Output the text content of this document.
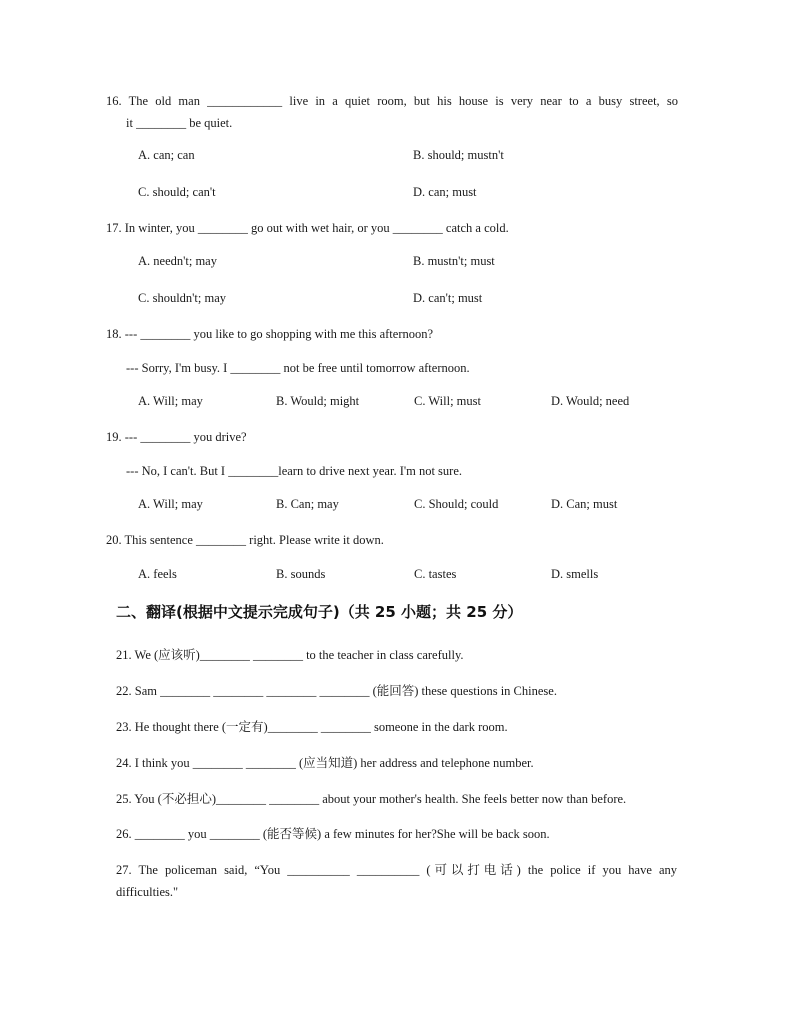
16. The old man ____________ live in a quiet room, but his house is very near to a busy street, so
it ________ be quiet.
A. can; can	B. should; mustn't
C. should; can't	D. can; must
17. In winter, you ________ go out with wet hair, or you ________ catch a cold.
A. needn't; may	B. mustn't; must
C. shouldn't; may	D. can't; must
18. --- ________ you like to go shopping with me this afternoon?
--- Sorry, I'm busy. I ________ not be free until tomorrow afternoon.
A. Will; may	B. Would; might	C. Will; must	D. Would; need
19. --- ________ you drive?
--- No, I can't. But I ________learn to drive next year. I'm not sure.
A. Will; may	B. Can; may	C. Should; could	D. Can; must
20. This sentence ________ right. Please write it down.
A. feels	B. sounds	C. tastes	D. smells
二、翻译(根据中文提示完成句子)（共 25 小题；共 25 分）
21. We (应该听)________ ________ to the teacher in class carefully.
22. Sam ________ ________ ________ ________ (能回答) these questions in Chinese.
23. He thought there (一定有)________ ________ someone in the dark room.
24. I think you ________ ________ (应当知道) her address and telephone number.
25. You (不必担心)________ ________ about your mother's health. She feels better now than before.
26. ________ you ________ (能否等候) a few minutes for her?She will be back soon.
27. The policeman said, “You __________ __________ (可以打电话) the police if you have any
difficulties."
